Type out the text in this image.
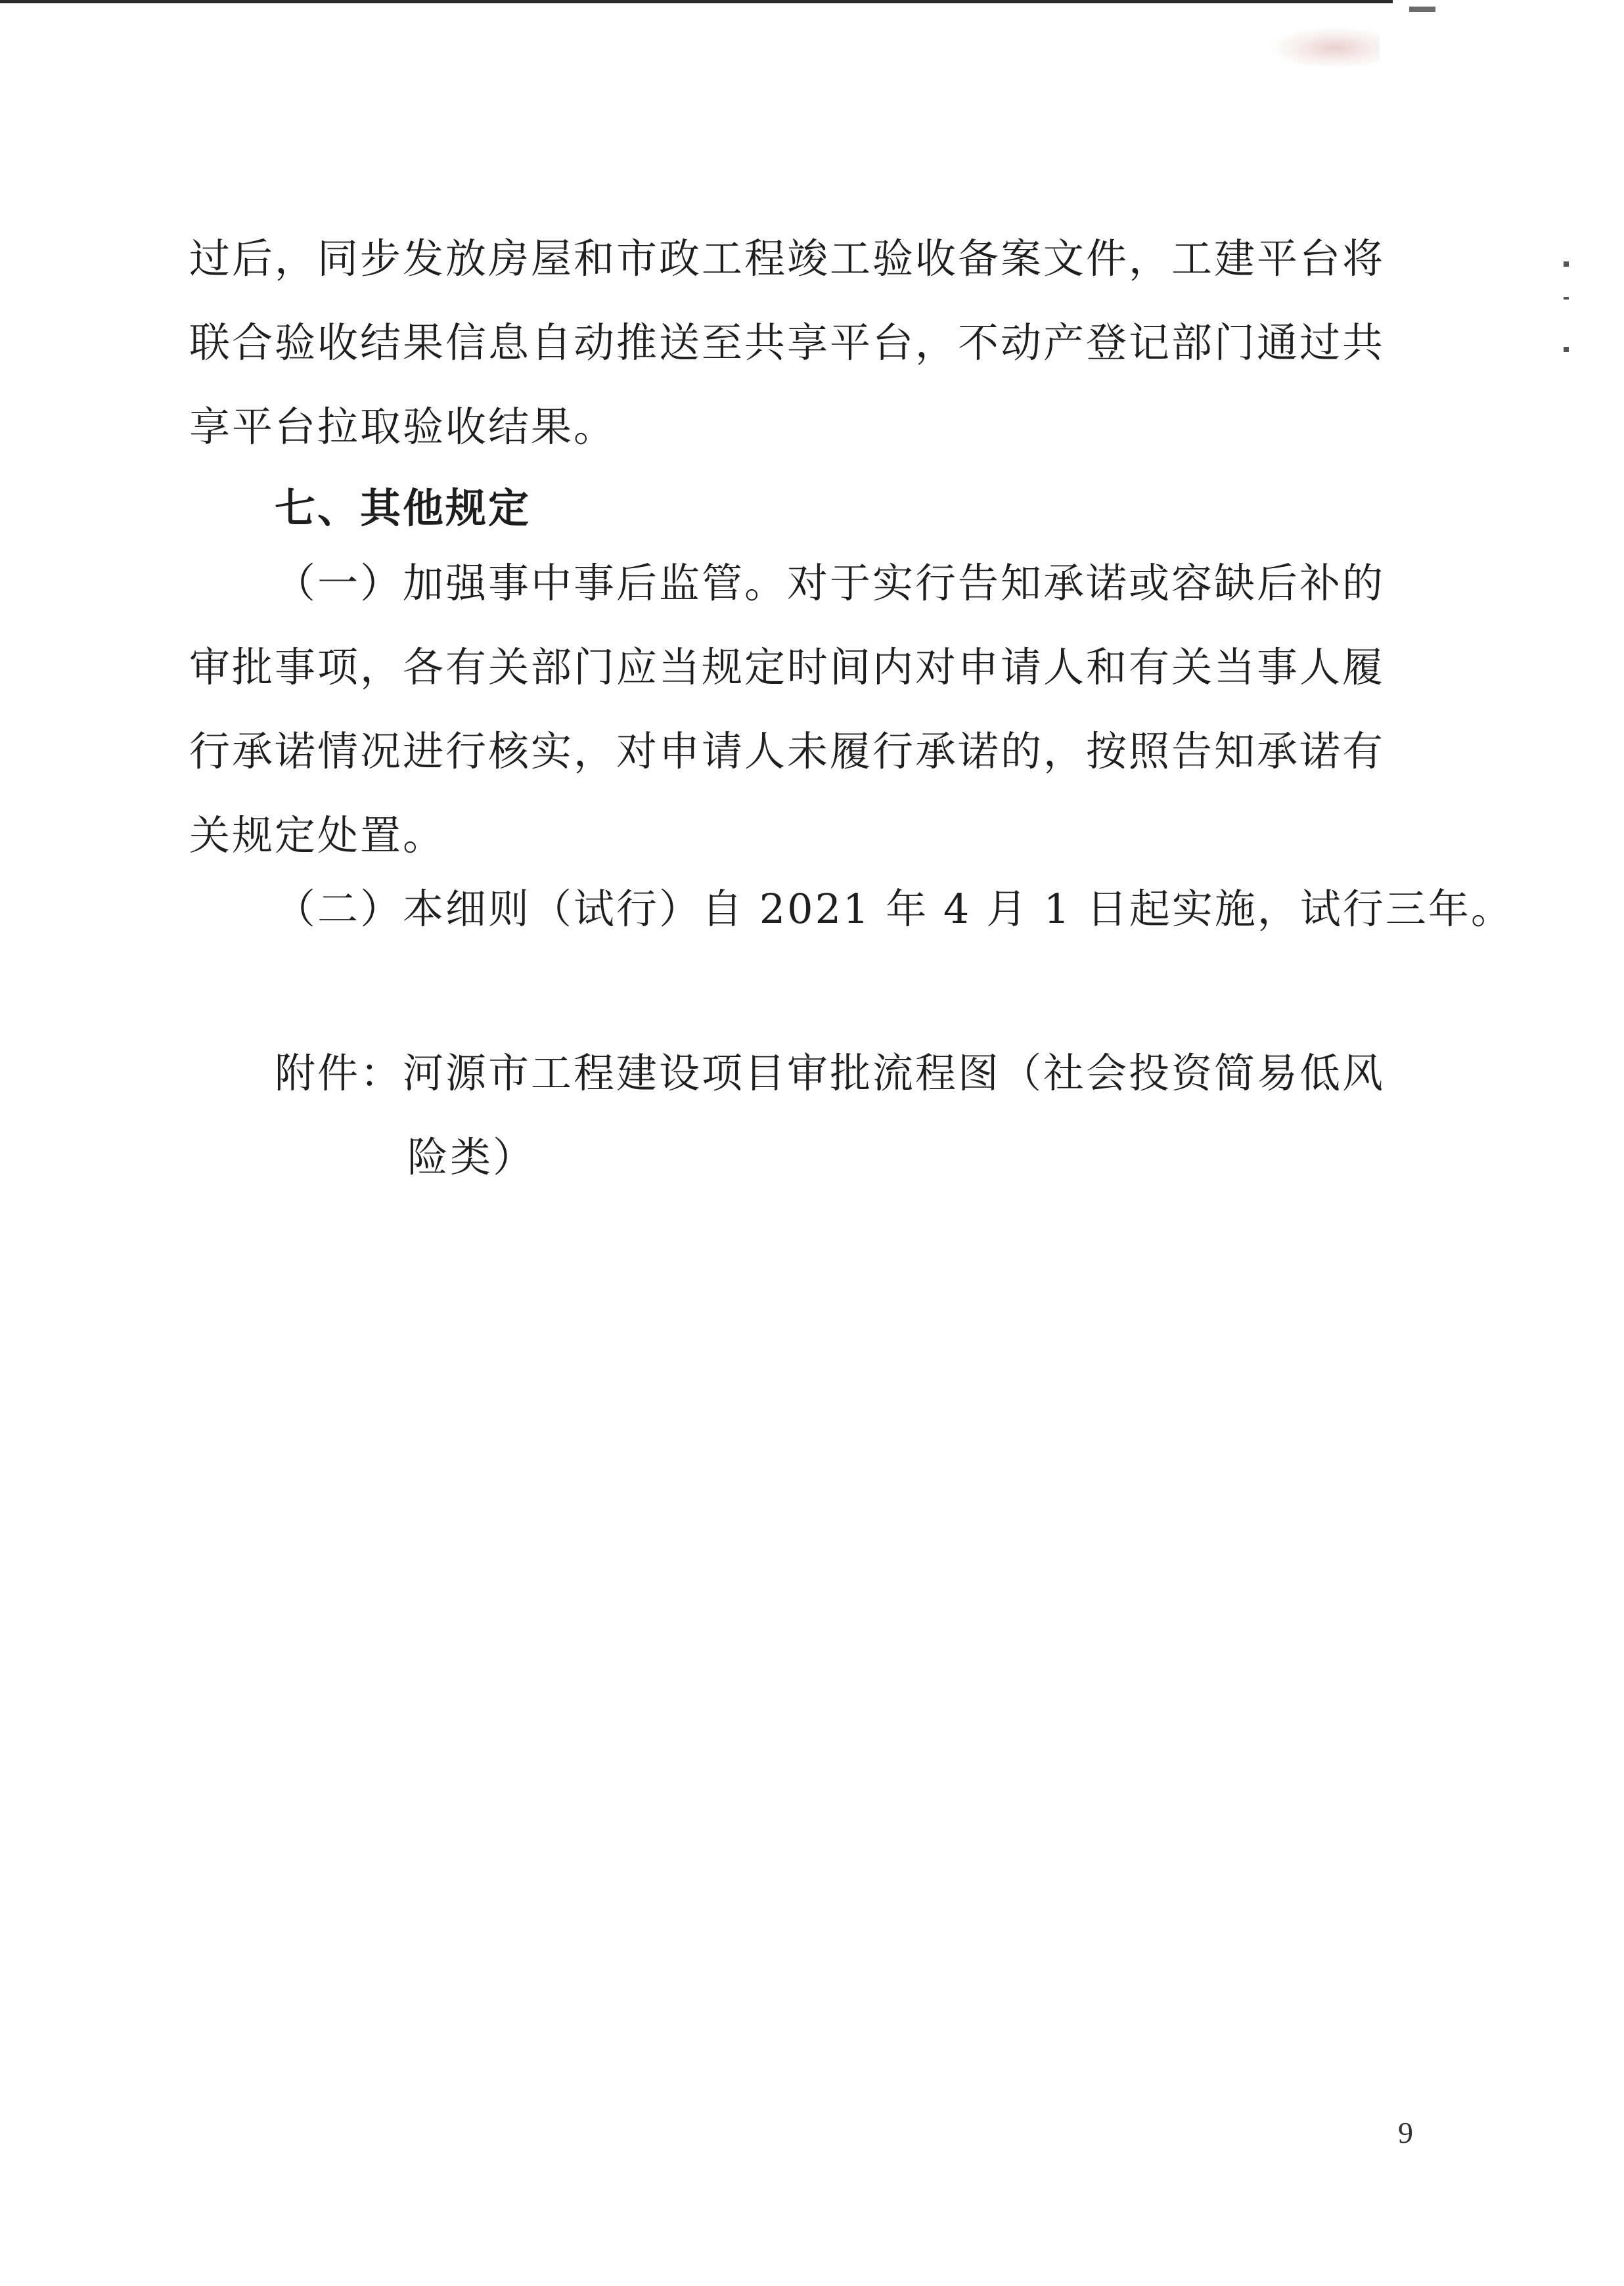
过后，同步发放房屋和市政工程竣工验收备案文件，工建平台将

联合验收结果信息自动推送至共享平台，不动产登记部门通过共

享平台拉取验收结果。

七、其他规定

（一）加强事中事后监管。对于实行告知承诺或容缺后补的

审批事项，各有关部门应当规定时间内对申请人和有关当事人履

行承诺情况进行核实，对申请人未履行承诺的，按照告知承诺有

关规定处置。

（二）本细则（试行）自 2021 年 4 月 1 日起实施，试行三年。

附件：河源市工程建设项目审批流程图（社会投资简易低风

险类）

9
